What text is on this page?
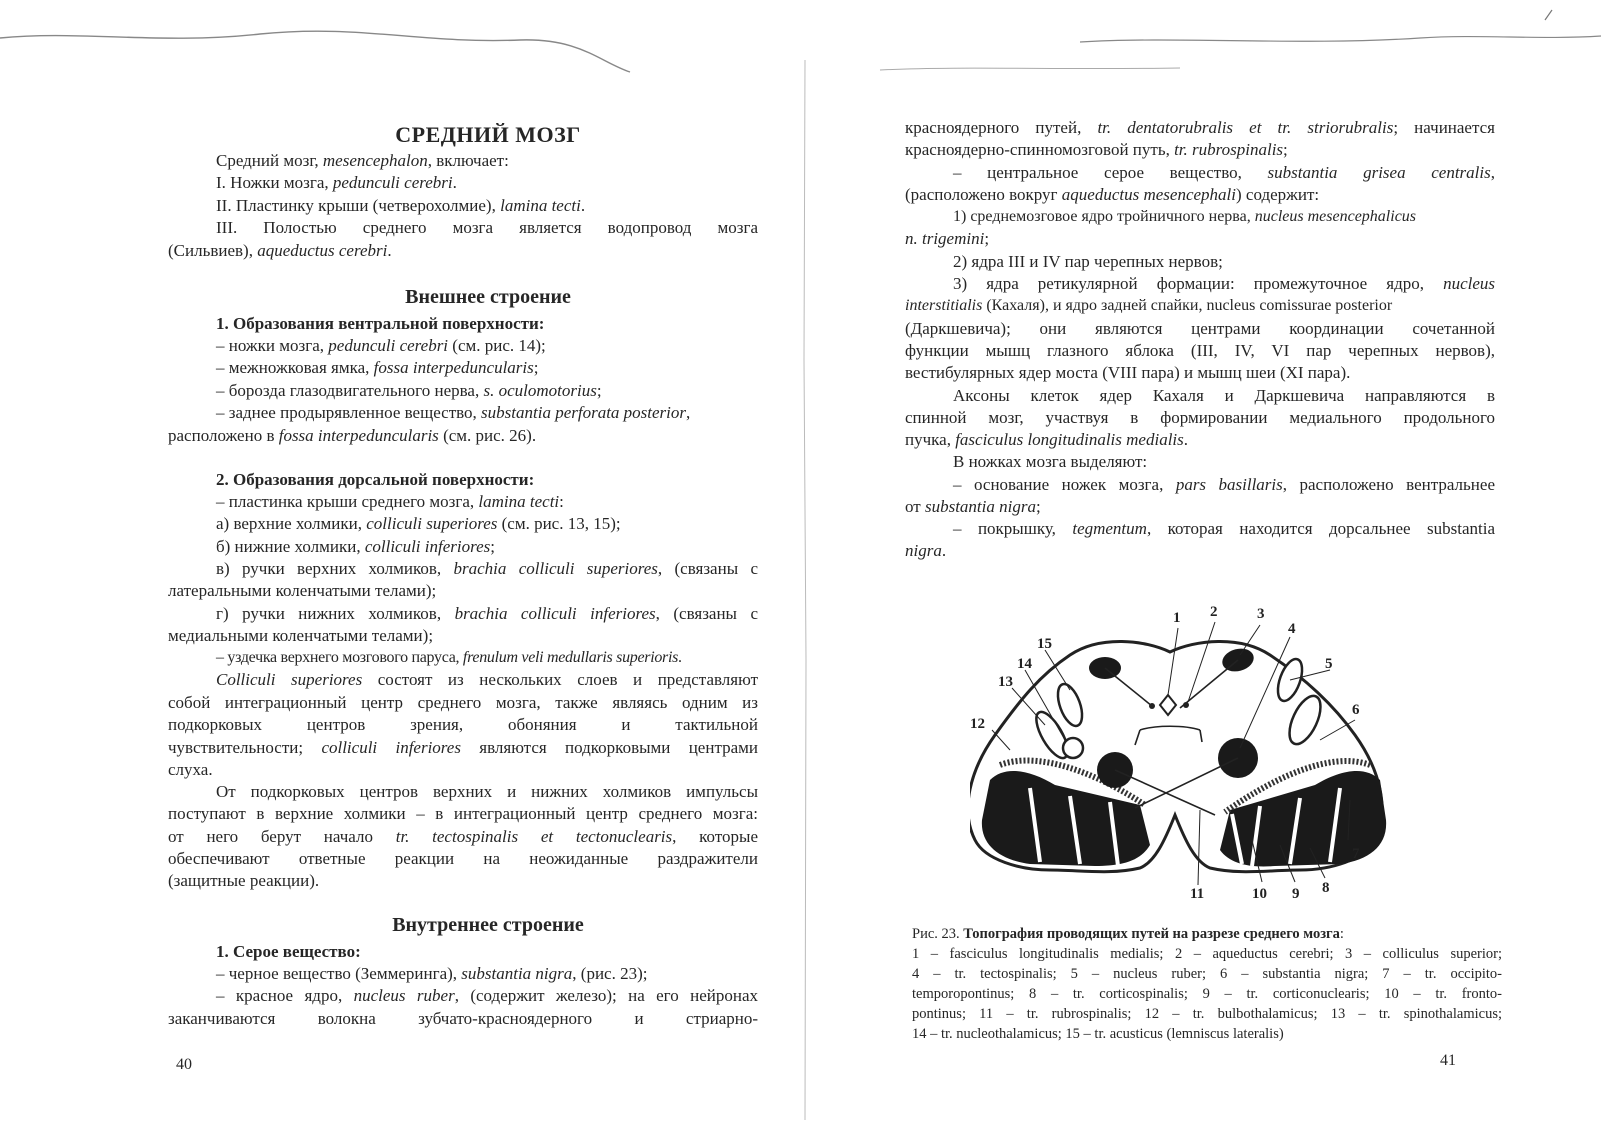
СРЕДНИЙ МОЗГ
Средний мозг, mesencephalon, включает:
I. Ножки мозга, pedunculi cerebri.
II. Пластинку крыши (четверохолмие), lamina tecti.
III. Полостью среднего мозга является водопровод мозга
(Сильвиев), aqueductus cerebri.
Внешнее строение
1. Образования вентральной поверхности:
– ножки мозга, pedunculi cerebri (см. рис. 14);
– межножковая ямка, fossa interpeduncularis;
– борозда глазодвигательного нерва, s. oculomotorius;
– заднее продырявленное вещество, substantia perforata posterior,
расположено в fossa interpeduncularis (см. рис. 26).
2. Образования дорсальной поверхности:
– пластинка крыши среднего мозга, lamina tecti:
а) верхние холмики, colliculi superiores (см. рис. 13, 15);
б) нижние холмики, colliculi inferiores;
в) ручки верхних холмиков, brachia colliculi superiores, (связаны с
латеральными коленчатыми телами);
г) ручки нижних холмиков, brachia colliculi inferiores, (связаны с
медиальными коленчатыми телами);
– уздечка верхнего мозгового паруса, frenulum veli medullaris superioris.
Colliculi superiores состоят из нескольких слоев и представляют
собой интеграционный центр среднего мозга, также являясь одним из
подкорковых центров зрения, обоняния и тактильной
чувствительности; colliculi inferiores являются подкорковыми центрами
слуха.
От подкорковых центров верхних и нижних холмиков импульсы
поступают в верхние холмики – в интеграционный центр среднего мозга:
от него берут начало tr. tectospinalis et tectonuclearis, которые
обеспечивают ответные реакции на неожиданные раздражители
(защитные реакции).
Внутреннее строение
1. Серое вещество:
– черное вещество (Земмеринга), substantia nigra, (рис. 23);
– красное ядро, nucleus ruber, (содержит железо); на его нейронах
заканчиваются волокна зубчато-красноядерного и стриарно-
40
красноядерного путей, tr. dentatorubralis et tr. striorubralis; начинается
красноядерно-спинномозговой путь, tr. rubrospinalis;
– центральное серое вещество, substantia grisea centralis,
(расположено вокруг aqueductus mesencephali) содержит:
1) среднемозговое ядро тройничного нерва, nucleus mesencephalicus
n. trigemini;
2) ядра III и IV пар черепных нервов;
3) ядра ретикулярной формации: промежуточное ядро, nucleus
interstitialis (Кахаля), и ядро задней спайки, nucleus comissurae posterior
(Даркшевича); они являются центрами координации сочетанной
функции мышц глазного яблока (III, IV, VI пар черепных нервов),
вестибулярных ядер моста (VIII пара) и мышц шеи (XI пара).
Аксоны клеток ядер Кахаля и Даркшевича направляются в
спинной мозг, участвуя в формировании медиального продольного
пучка, fasciculus longitudinalis medialis.
В ножках мозга выделяют:
– основание ножек мозга, pars basillaris, расположено вентральнее
от substantia nigra;
– покрышку, tegmentum, которая находится дорсальнее substantia
nigra.
41
1 2	3
4
5
6
7
8
9
10
11
12
13
14
15
Рис. 23. Топография проводящих путей на разрезе среднего мозга:
1 – fasciculus longitudinalis medialis; 2 – aqueductus cerebri; 3 – colliculus superior;
4 – tr. tectospinalis; 5 – nucleus ruber; 6 – substantia nigra; 7 – tr. occipito-
temporopontinus; 8 – tr. corticospinalis; 9 – tr. corticonuclearis; 10 – tr. fronto-
pontinus; 11 – tr. rubrospinalis; 12 – tr. bulbothalamicus; 13 – tr. spinothalamicus;
14 – tr. nucleothalamicus; 15 – tr. acusticus (lemniscus lateralis)
